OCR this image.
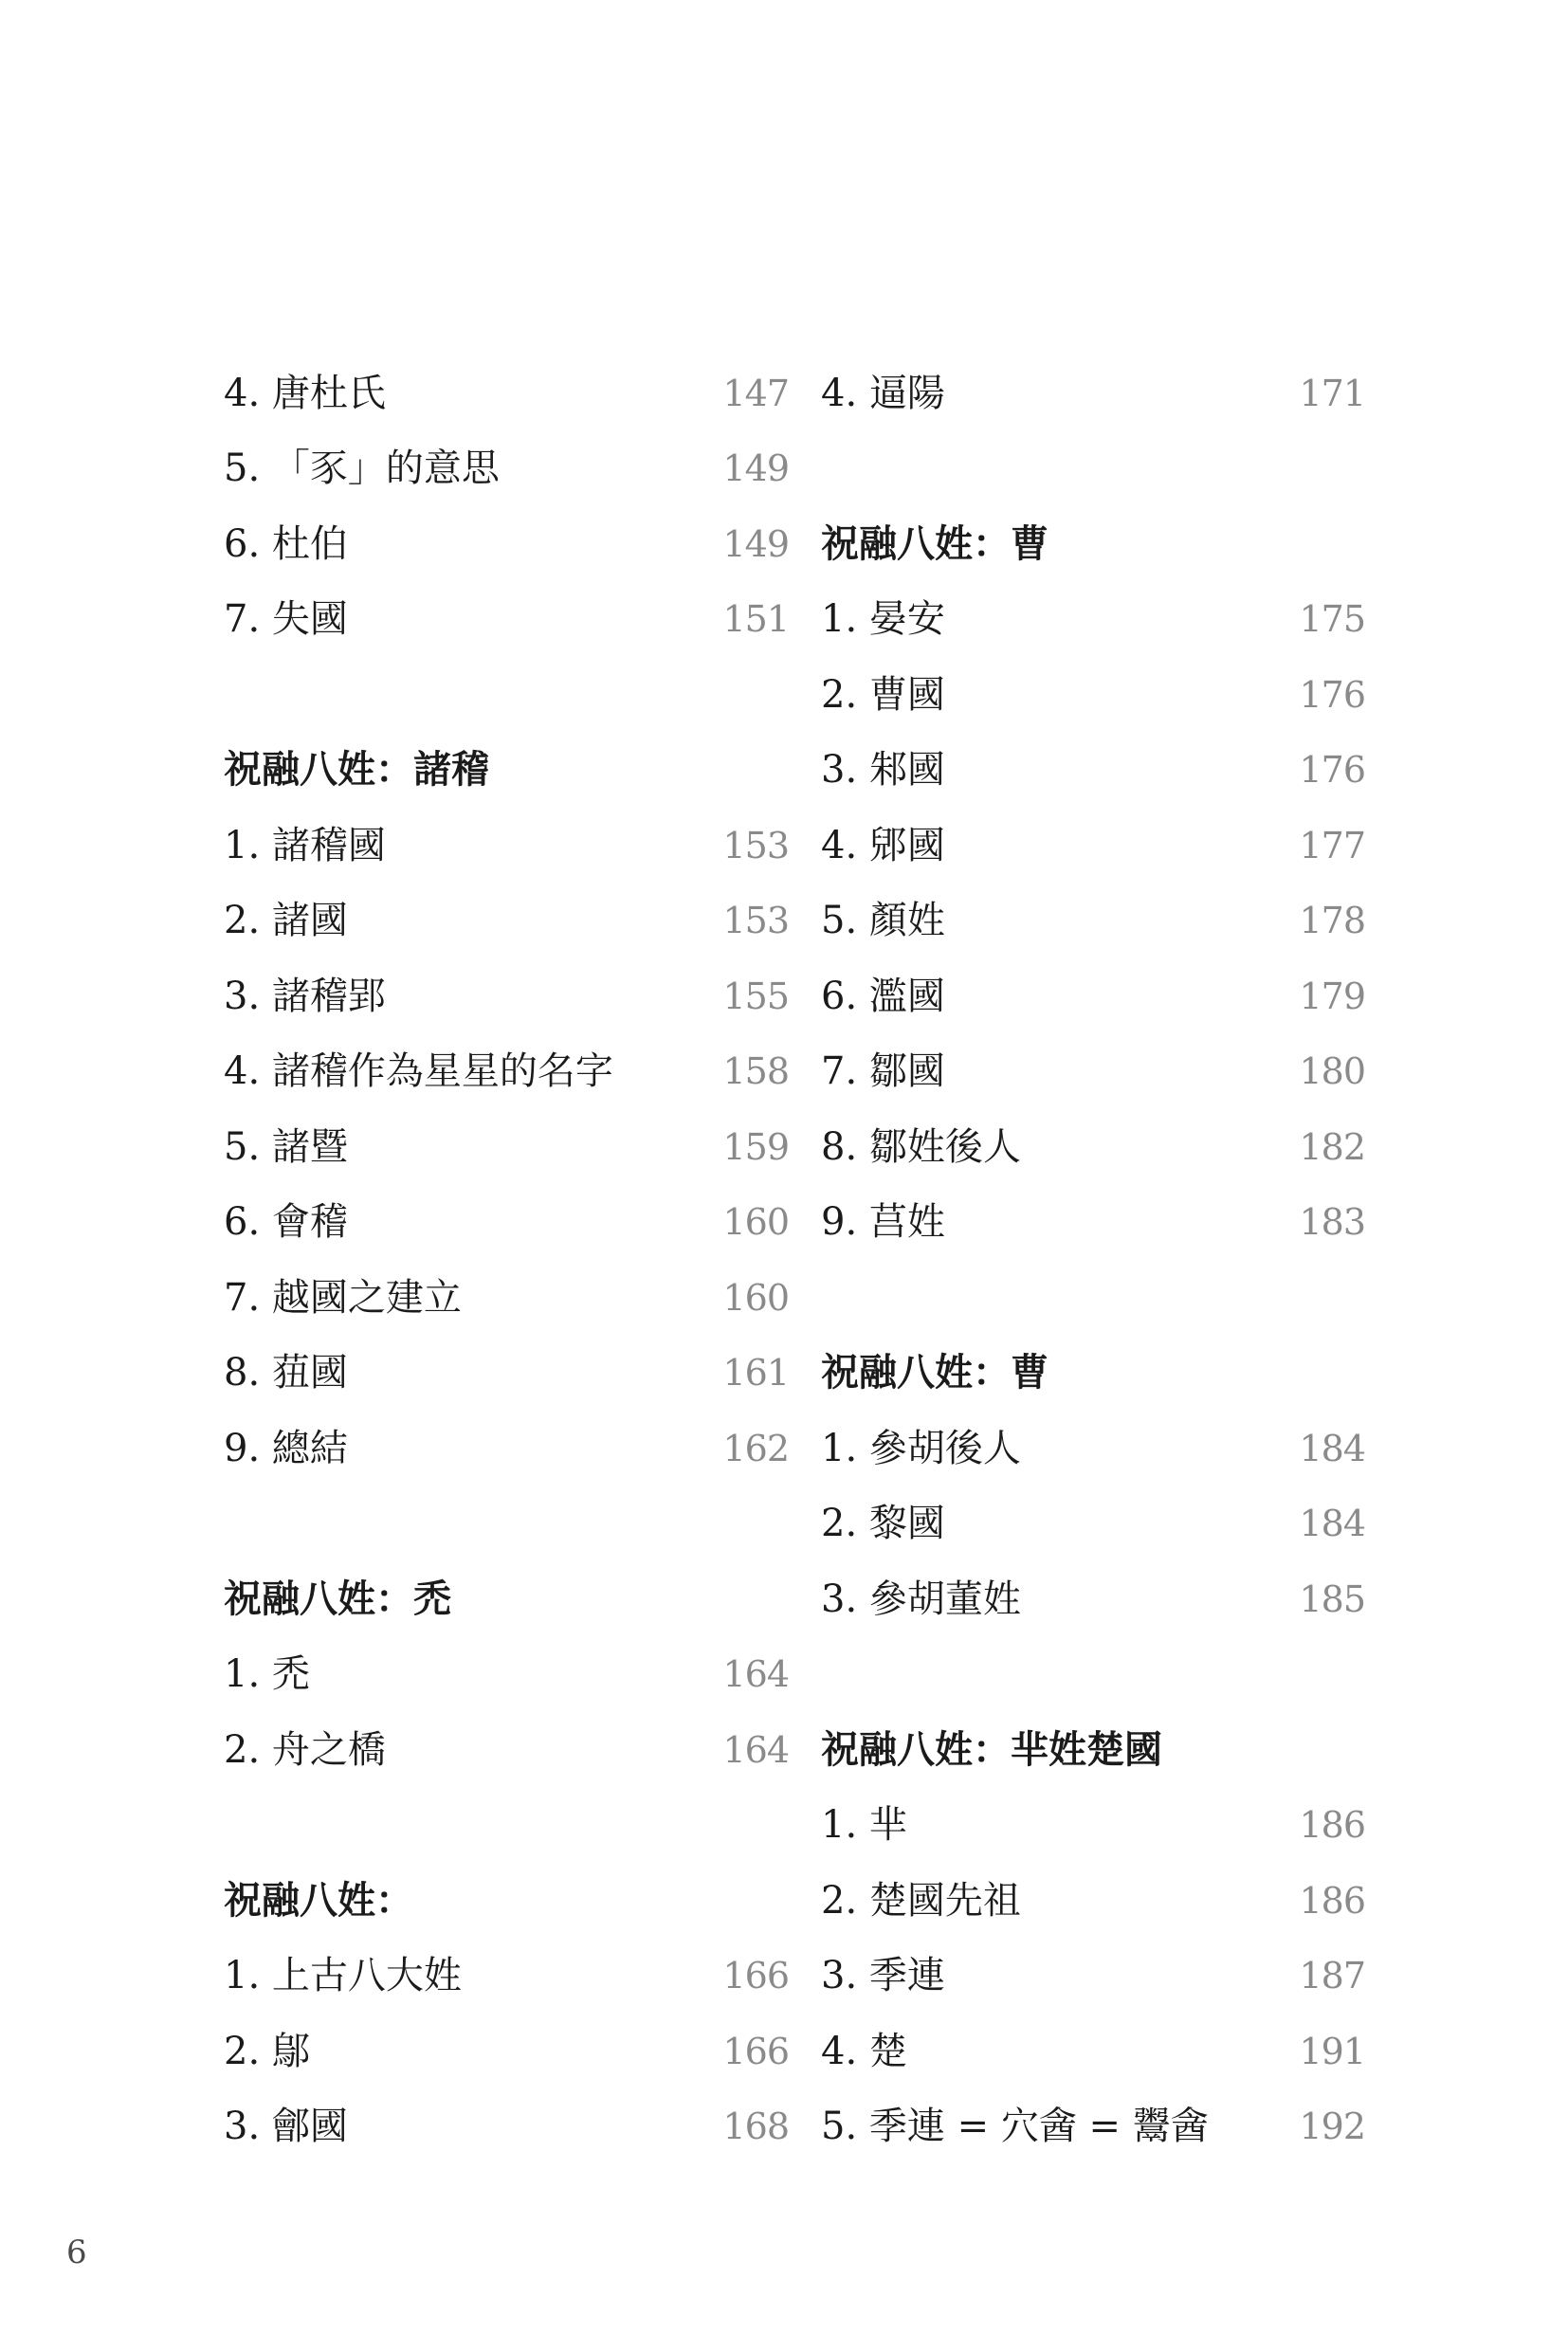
4. 唐杜氏	147
5. 「豕」的意思	149
6. 杜伯	149
7. 失國	151
祝融八姓：諸稽
1. 諸稽國	153
2. 諸國	153
3. 諸稽郢	155
4. 諸稽作為星星的名字	158
5. 諸暨	159
6. 會稽	160
7. 越國之建立	160
8. 莥國	161
9. 總結	162
祝融八姓：禿
1. 禿	164
2. 舟之橋	164
祝融八姓：
1. 上古八大姓	166
2. 鄔	166
3. 鄶國	168
4. 逼陽	171
祝融八姓：曹
1. 晏安	175
2. 曹國	176
3. 邾國	176
4. 郳國	177
5. 顏姓	178
6. 濫國	179
7. 鄒國	180
8. 鄒姓後人	182
9. 莒姓	183
祝融八姓：曹
1. 參胡後人	184
2. 黎國	184
3. 參胡董姓	185
祝融八姓：芈姓楚國
1. 芈	186
2. 楚國先祖	186
3. 季連	187
4. 楚	191
5. 季連 = 穴酓 = 鬻酓	192
6
